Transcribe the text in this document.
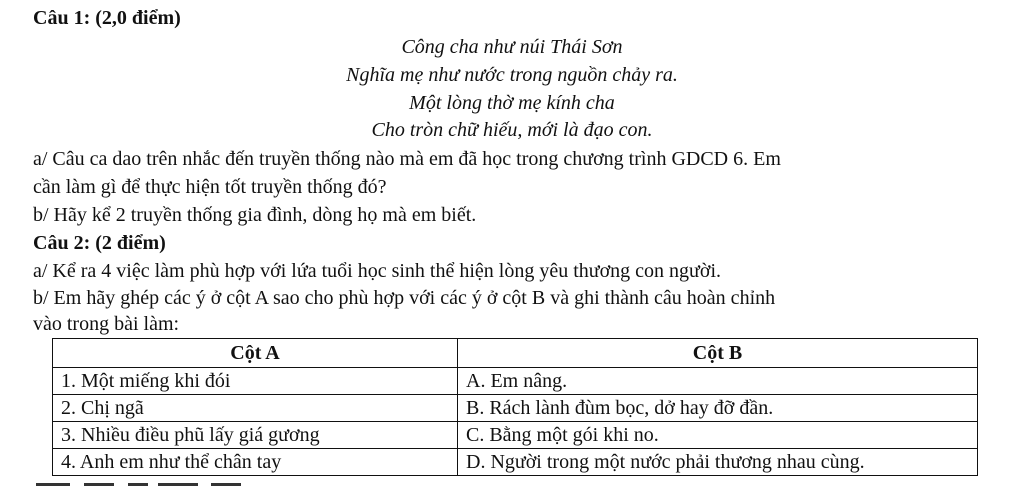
Câu 1: (2,0 điểm)
Công cha như núi Thái Sơn
Nghĩa mẹ như nước trong nguồn chảy ra.
Một lòng thờ mẹ kính cha
Cho tròn chữ hiếu, mới là đạo con.
a/ Câu ca dao trên nhắc đến truyền thống nào mà em đã học trong chương trình GDCD 6. Em
cần làm gì để thực hiện tốt truyền thống đó?
b/ Hãy kể 2 truyền thống gia đình, dòng họ mà em biết.
Câu 2: (2 điểm)
a/ Kể ra 4 việc làm phù hợp với lứa tuổi học sinh thể hiện lòng yêu thương con người.
b/ Em hãy ghép các ý ở cột A sao cho phù hợp với các ý ở cột B và ghi thành câu hoàn chỉnh
vào trong bài làm:
Cột A	Cột B
1. Một miếng khi đói	A. Em nâng.
2. Chị ngã	B. Rách lành đùm bọc, dở hay đỡ đần.
3. Nhiều điều phũ lấy giá gương	C. Bằng một gói khi no.
4. Anh em như thể chân tay	D. Người trong một nước phải thương nhau cùng.
